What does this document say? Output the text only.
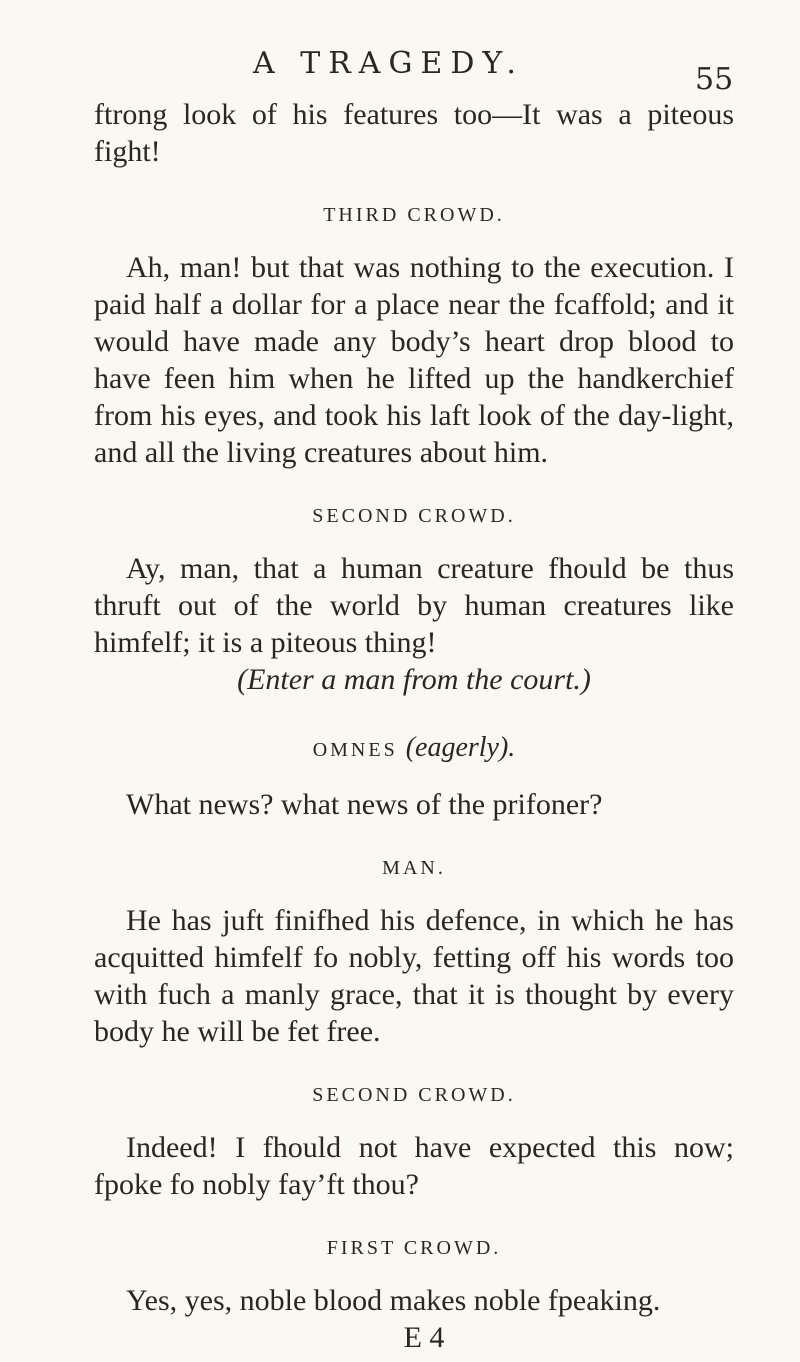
A TRAGEDY.	55

ftrong look of his features too—It was a piteous fight!

THIRD CROWD.

Ah, man! but that was nothing to the execution. I paid half a dollar for a place near the fcaffold; and it would have made any body’s heart drop blood to have feen him when he lifted up the handkerchief from his eyes, and took his laft look of the day-light, and all the living creatures about him.

SECOND CROWD.

Ay, man, that a human creature fhould be thus thruft out of the world by human creatures like himfelf; it is a piteous thing!

(Enter a man from the court.)
OMNES (eagerly).

What news? what news of the prifoner?

MAN.

He has juft finifhed his defence, in which he has acquitted himfelf fo nobly, fetting off his words too with fuch a manly grace, that it is thought by every body he will be fet free.

SECOND CROWD.

Indeed! I fhould not have expected this now; fpoke fo nobly fay’ft thou?

FIRST CROWD.

Yes, yes, noble blood makes noble fpeaking.

E 4
